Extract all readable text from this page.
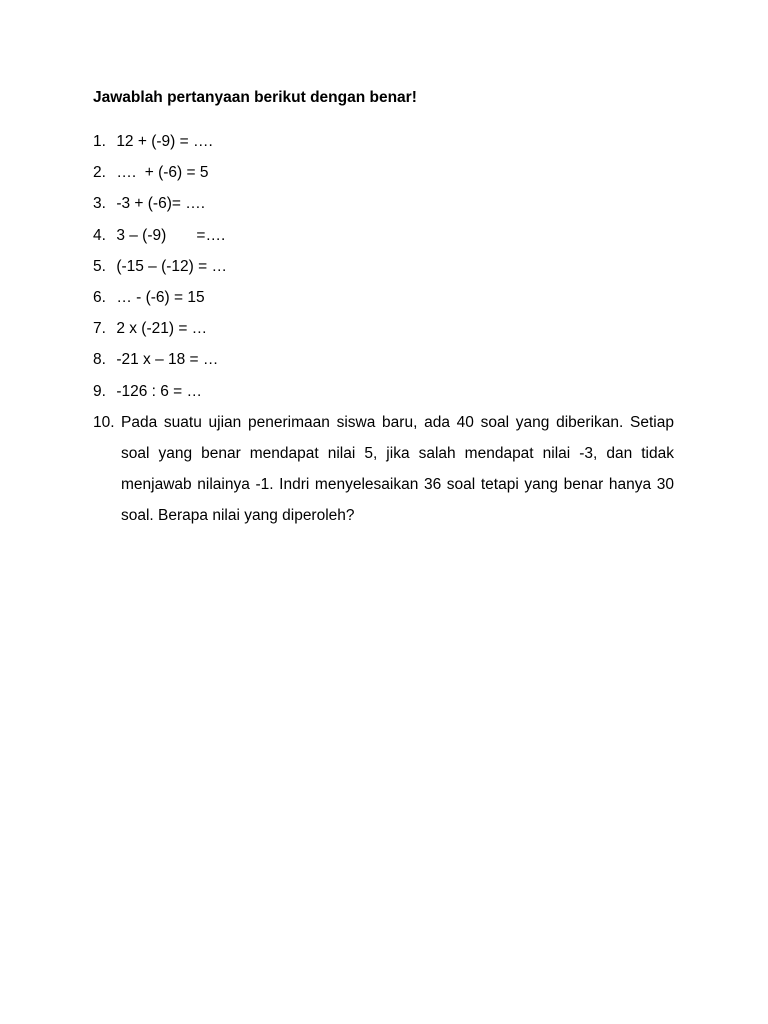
Jawablah pertanyaan berikut dengan benar!
1. 12 + (-9) = ….
2. ….  + (-6) = 5
3. -3 + (-6)= ….
4. 3 – (-9)       =….
5. (-15 – (-12) = …
6. … - (-6) = 15
7. 2 x (-21) = …
8. -21 x – 18 = …
9. -126 : 6 = …
10. Pada suatu ujian penerimaan siswa baru, ada 40 soal yang diberikan. Setiap soal yang benar mendapat nilai 5, jika salah mendapat nilai -3, dan tidak menjawab nilainya -1. Indri menyelesaikan 36 soal tetapi yang benar hanya 30 soal. Berapa nilai yang diperoleh?
